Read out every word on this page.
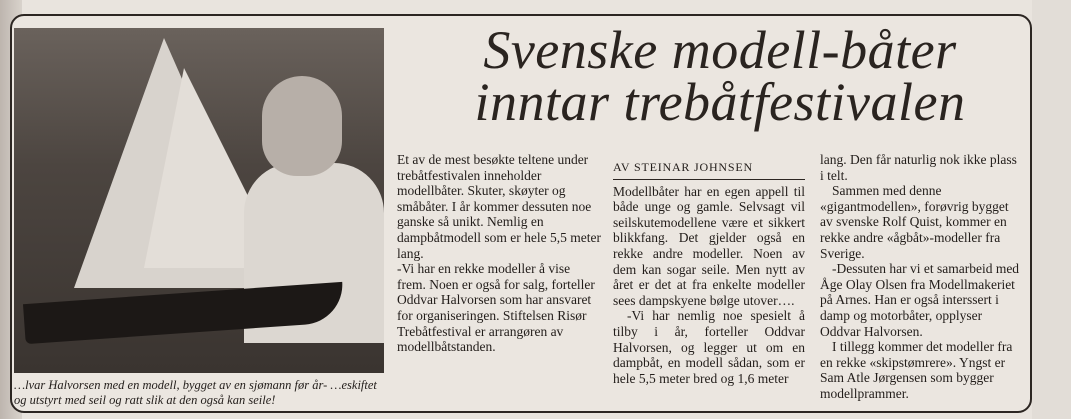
…lvar Halvorsen med en modell, bygget av en sjømann før år- …eskiftet og utstyrt med seil og ratt slik at den også kan seile!
Svenske modell-båter inntar trebåtfestivalen

Et av de mest besøkte teltene under trebåtfestivalen inneholder modellbåter. Skuter, skøyter og småbåter. I år kommer dessuten noe ganske så unikt. Nemlig en dampbåtmodell som er hele 5,5 meter lang.

-Vi har en rekke modeller å vise frem. Noen er også for salg, forteller Oddvar Halvorsen som har ansvaret for organiseringen. Stiftelsen Risør Trebåtfestival er arrangøren av modellbåtstanden.

AV STEINAR JOHNSEN

Modellbåter har en egen appell til både unge og gamle. Selvsagt vil seilskutemodellene være et sikkert blikkfang. Det gjelder også en rekke andre modeller. Noen av dem kan sogar seile. Men nytt av året er det at fra enkelte modeller sees dampskyene bølge utover….

-Vi har nemlig noe spesielt å tilby i år, forteller Oddvar Halvorsen, og legger ut om en dampbåt, en modell sådan, som er hele 5,5 meter bred og 1,6 meter

lang. Den får naturlig nok ikke plass i telt.

Sammen med denne «gigantmodellen», forøvrig bygget av svenske Rolf Quist, kommer en rekke andre «ågbåt»-modeller fra Sverige.

-Dessuten har vi et samarbeid med Åge Olay Olsen fra Modellmakeriet på Arnes. Han er også interssert i damp og motorbåter, opplyser Oddvar Halvorsen.

I tillegg kommer det modeller fra en rekke «skipstømrere». Yngst er Sam Atle Jørgensen som bygger modellprammer.
